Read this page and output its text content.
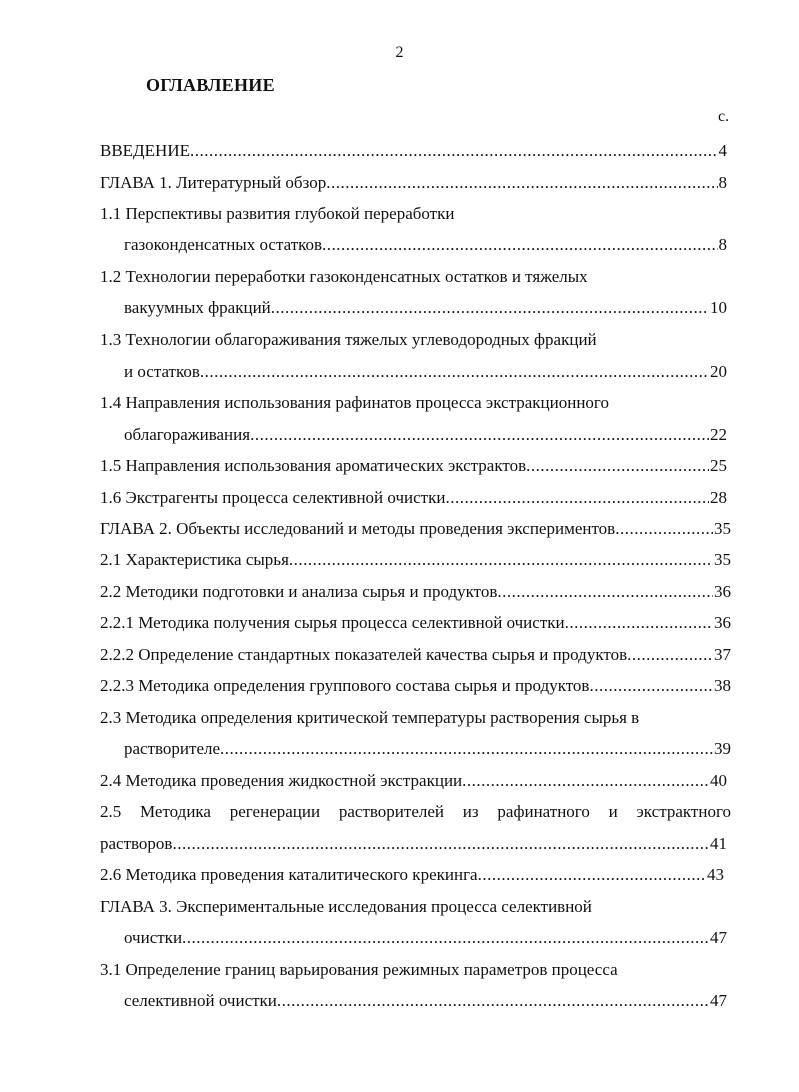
2
ОГЛАВЛЕНИЕ
с.
ВВЕДЕНИЕ .....	4
ГЛАВА 1. Литературный обзор .....	8
1.1 Перспективы развития глубокой переработки
газоконденсатных остатков .....	8
1.2 Технологии переработки газоконденсатных остатков и тяжелых
вакуумных фракций .....	10
1.3 Технологии облагораживания тяжелых углеводородных фракций
и остатков .....	20
1.4 Направления использования рафинатов процесса экстракционного
облагораживания .....	22
1.5 Направления использования ароматических экстрактов .....	25
1.6 Экстрагенты процесса селективной очистки .....	28
ГЛАВА 2. Объекты исследований и методы проведения экспериментов .....	35
2.1 Характеристика сырья .....	35
2.2 Методики подготовки и анализа сырья и продуктов .....	36
2.2.1 Методика получения сырья процесса селективной очистки .....	36
2.2.2 Определение стандартных показателей качества сырья и продуктов .....	37
2.2.3 Методика определения группового состава сырья и продуктов .....	38
2.3 Методика определения критической температуры растворения сырья в
растворителе .....	39
2.4 Методика проведения жидкостной экстракции .....	40
2.5 Методика регенерации растворителей из рафинатного и экстрактного
растворов .....	41
2.6 Методика проведения каталитического крекинга .....	43
ГЛАВА 3. Экспериментальные исследования процесса селективной
очистки .....	47
3.1 Определение границ варьирования режимных параметров процесса
селективной очистки .....	47
